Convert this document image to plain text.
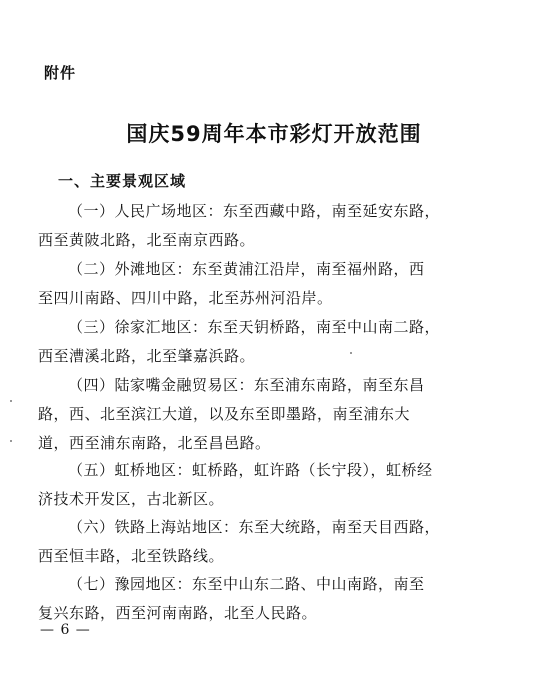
附件
国庆59周年本市彩灯开放范围
一、主要景观区域
（一）人民广场地区：东至西藏中路，南至延安东路，
西至黄陂北路，北至南京西路。
（二）外滩地区：东至黄浦江沿岸，南至福州路，西
至四川南路、四川中路，北至苏州河沿岸。
（三）徐家汇地区：东至天钥桥路，南至中山南二路，
西至漕溪北路，北至肇嘉浜路。
（四）陆家嘴金融贸易区：东至浦东南路，南至东昌
路，西、北至滨江大道，以及东至即墨路，南至浦东大
道，西至浦东南路，北至昌邑路。
（五）虹桥地区：虹桥路，虹许路（长宁段），虹桥经
济技术开发区，古北新区。
（六）铁路上海站地区：东至大统路，南至天目西路，
西至恒丰路，北至铁路线。
（七）豫园地区：东至中山东二路、中山南路，南至
复兴东路，西至河南南路，北至人民路。
— 6 —
